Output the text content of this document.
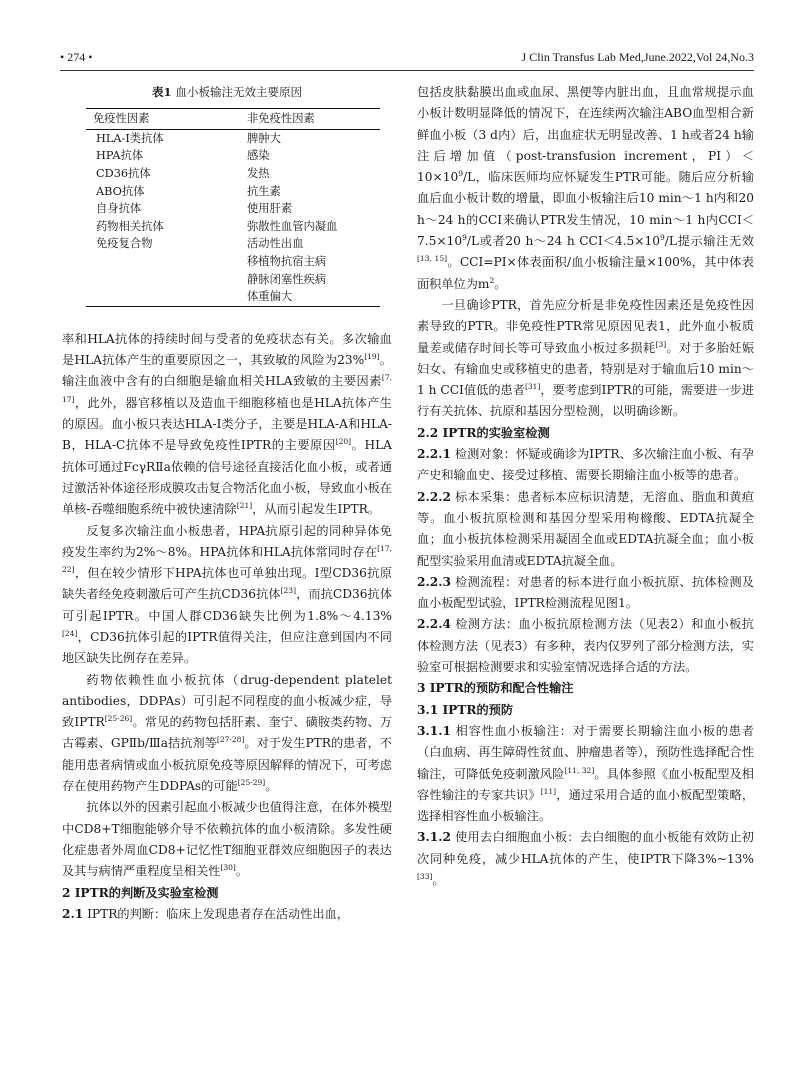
• 274 •	J Clin Transfus Lab Med,June.2022,Vol 24,No.3
表1 血小板输注无效主要原因
免疫性因素	非免疫性因素
HLA-Ⅰ类抗体	脾肿大
HPA抗体	感染
CD36抗体	发热
ABO抗体	抗生素
自身抗体	使用肝素
药物相关抗体	弥散性血管内凝血
免疫复合物	活动性出血
	移植物抗宿主病
	静脉闭塞性疾病
	体重偏大

率和HLA抗体的持续时间与受者的免疫状态有关。多次输血是HLA抗体产生的重要原因之一，其致敏的风险为23%[19]。输注血液中含有的白细胞是输血相关HLA致敏的主要因素[7, 17]，此外，器官移植以及造血干细胞移植也是HLA抗体产生的原因。血小板只表达HLA-Ⅰ类分子，主要是HLA-A和HLA-B，HLA-C抗体不是导致免疫性IPTR的主要原因[20]。HLA抗体可通过FcγRⅡa依赖的信号途径直接活化血小板，或者通过激活补体途径形成膜攻击复合物活化血小板，导致血小板在单核-吞噬细胞系统中被快速清除[21]，从而引起发生IPTR。

反复多次输注血小板患者，HPA抗原引起的同种异体免疫发生率约为2%～8%。HPA抗体和HLA抗体常同时存在[17, 22]，但在较少情形下HPA抗体也可单独出现。Ⅰ型CD36抗原缺失者经免疫刺激后可产生抗CD36抗体[23]，而抗CD36抗体可引起IPTR。中国人群CD36缺失比例为1.8%～4.13%[24]，CD36抗体引起的IPTR值得关注，但应注意到国内不同地区缺失比例存在差异。

药物依赖性血小板抗体（drug-dependent platelet antibodies，DDPAs）可引起不同程度的血小板减少症，导致IPTR[25-26]。常见的药物包括肝素、奎宁、磺胺类药物、万古霉素、GPⅡb/Ⅲa拮抗剂等[27-28]。对于发生PTR的患者，不能用患者病情或血小板抗原免疫等原因解释的情况下，可考虑存在使用药物产生DDPAs的可能[25-29]。

抗体以外的因素引起血小板减少也值得注意，在体外模型中CD8+T细胞能够介导不依赖抗体的血小板清除。多发性硬化症患者外周血CD8+记忆性T细胞亚群效应细胞因子的表达及其与病情严重程度呈相关性[30]。

2 IPTR的判断及实验室检测

2.1 IPTR的判断：临床上发现患者存在活动性出血，

包括皮肤黏膜出血或血尿、黑便等内脏出血，且血常规提示血小板计数明显降低的情况下，在连续两次输注ABO血型相合新鲜血小板（3 d内）后，出血症状无明显改善、1 h或者24 h输注后增加值（post-transfusion increment，$PI)<10\times 10^9/L$，临床医师均应怀疑发生PTR可能。随后应分析输血后血小板计数的增量，即血小板输注后10 min～1 h内和20 h～24 h的CCI来确认PTR发生情况，10 min～1 h内$CCI<7.5\times 10^9/L$或者20 h～24 h $CCI<4.5\times 10^9/L$提示输注无效[13, 15]。CCI=PI×体表面积/血小板输注量×100%，其中体表面积单位为$m^2$。

一旦确诊PTR，首先应分析是非免疫性因素还是免疫性因素导致的PTR。非免疫性PTR常见原因见表1，此外血小板质量差或储存时间长等可导致血小板过多损耗[3]。对于多胎妊娠妇女、有输血史或移植史的患者，特别是对于输血后10 min～1 h CCI值低的患者[31]，要考虑到IPTR的可能，需要进一步进行有关抗体、抗原和基因分型检测，以明确诊断。

2.2 IPTR的实验室检测

2.2.1 检测对象：怀疑或确诊为IPTR、多次输注血小板、有孕产史和输血史、接受过移植、需要长期输注血小板等的患者。

2.2.2 标本采集：患者标本应标识清楚，无溶血、脂血和黄疸等。血小板抗原检测和基因分型采用枸橼酸、EDTA抗凝全血；血小板抗体检测采用凝固全血或EDTA抗凝全血；血小板配型实验采用血清或EDTA抗凝全血。

2.2.3 检测流程：对患者的标本进行血小板抗原、抗体检测及血小板配型试验，IPTR检测流程见图1。

2.2.4 检测方法：血小板抗原检测方法（见表2）和血小板抗体检测方法（见表3）有多种，表内仅罗列了部分检测方法，实验室可根据检测要求和实验室情况选择合适的方法。

3 IPTR的预防和配合性输注

3.1 IPTR的预防

3.1.1 相容性血小板输注：对于需要长期输注血小板的患者（白血病、再生障碍性贫血、肿瘤患者等），预防性选择配合性输注，可降低免疫刺激风险[11, 32]。具体参照《血小板配型及相容性输注的专家共识》[11]，通过采用合适的血小板配型策略，选择相容性血小板输注。

3.1.2 使用去白细胞血小板：去白细胞的血小板能有效防止初次同种免疫，减少HLA抗体的产生，使IPTR下降3%~13%[33]。
